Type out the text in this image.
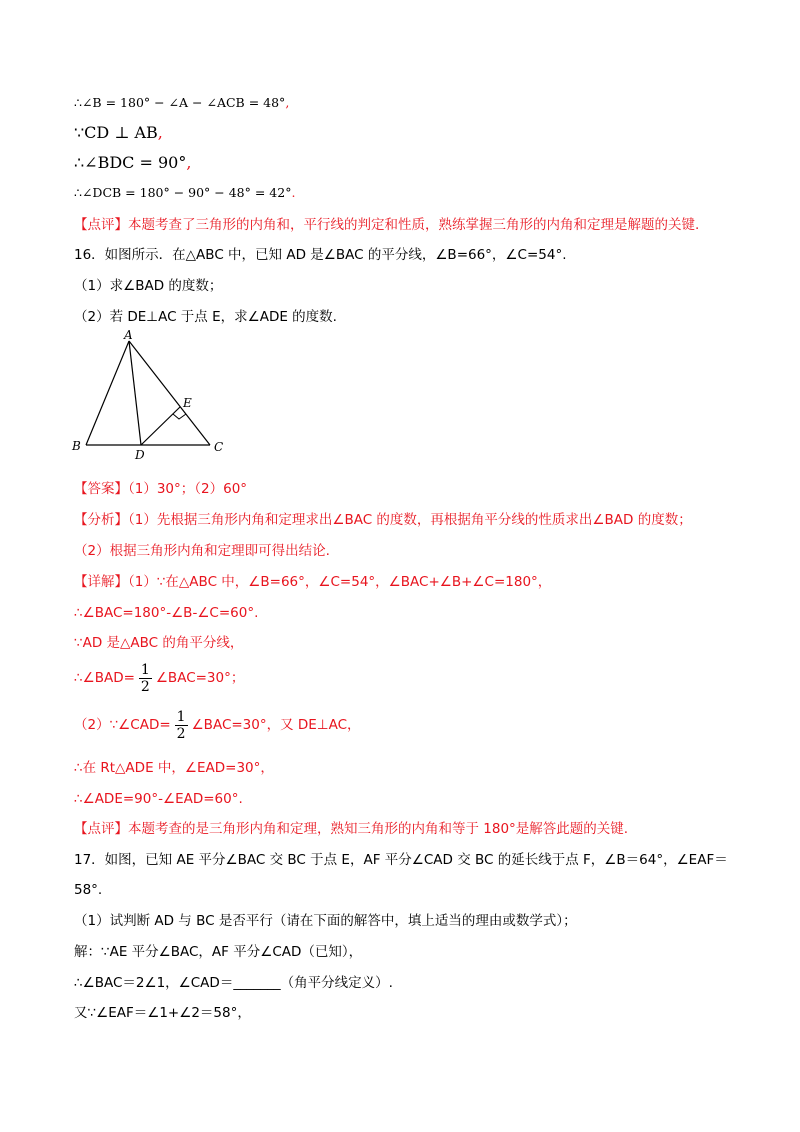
∴∠B = 180° − ∠A − ∠ACB = 48°,
∵CD ⊥ AB,
∴∠BDC = 90°,
∴∠DCB = 180° − 90° − 48° = 42°.
【点评】本题考查了三角形的内角和，平行线的判定和性质，熟练掌握三角形的内角和定理是解题的关键.
16．如图所示．在△ABC 中，已知 AD 是∠BAC 的平分线，∠B=66°，∠C=54°.
（1）求∠BAD 的度数；
（2）若 DE⊥AC 于点 E，求∠ADE 的度数.
A
B	C
D
E
【答案】（1）30°；（2）60°
【分析】（1）先根据三角形内角和定理求出∠BAC 的度数，再根据角平分线的性质求出∠BAD 的度数；
（2）根据三角形内角和定理即可得出结论.
【详解】（1）∵在△ABC 中，∠B=66°，∠C=54°，∠BAC+∠B+∠C=180°，
∴∠BAC=180°-∠B-∠C=60°.
∵AD 是△ABC 的角平分线，
∴∠BAD= $\frac{1}{2}$ ∠BAC=30°；
（2）∵∠CAD= $\frac{1}{2}$ ∠BAC=30°，又 DE⊥AC，
∴在 Rt△ADE 中，∠EAD=30°，
∴∠ADE=90°-∠EAD=60°.
【点评】本题考查的是三角形内角和定理，熟知三角形的内角和等于 180°是解答此题的关键.
17．如图，已知 AE 平分∠BAC 交 BC 于点 E，AF 平分∠CAD 交 BC 的延长线于点 F，∠B＝64°，∠EAF＝
58°.
（1）试判断 AD 与 BC 是否平行（请在下面的解答中，填上适当的理由或数学式）；
解：∵AE 平分∠BAC，AF 平分∠CAD（已知），
∴∠BAC＝2∠1，∠CAD＝_______（角平分线定义）.
又∵∠EAF＝∠1+∠2＝58°，
